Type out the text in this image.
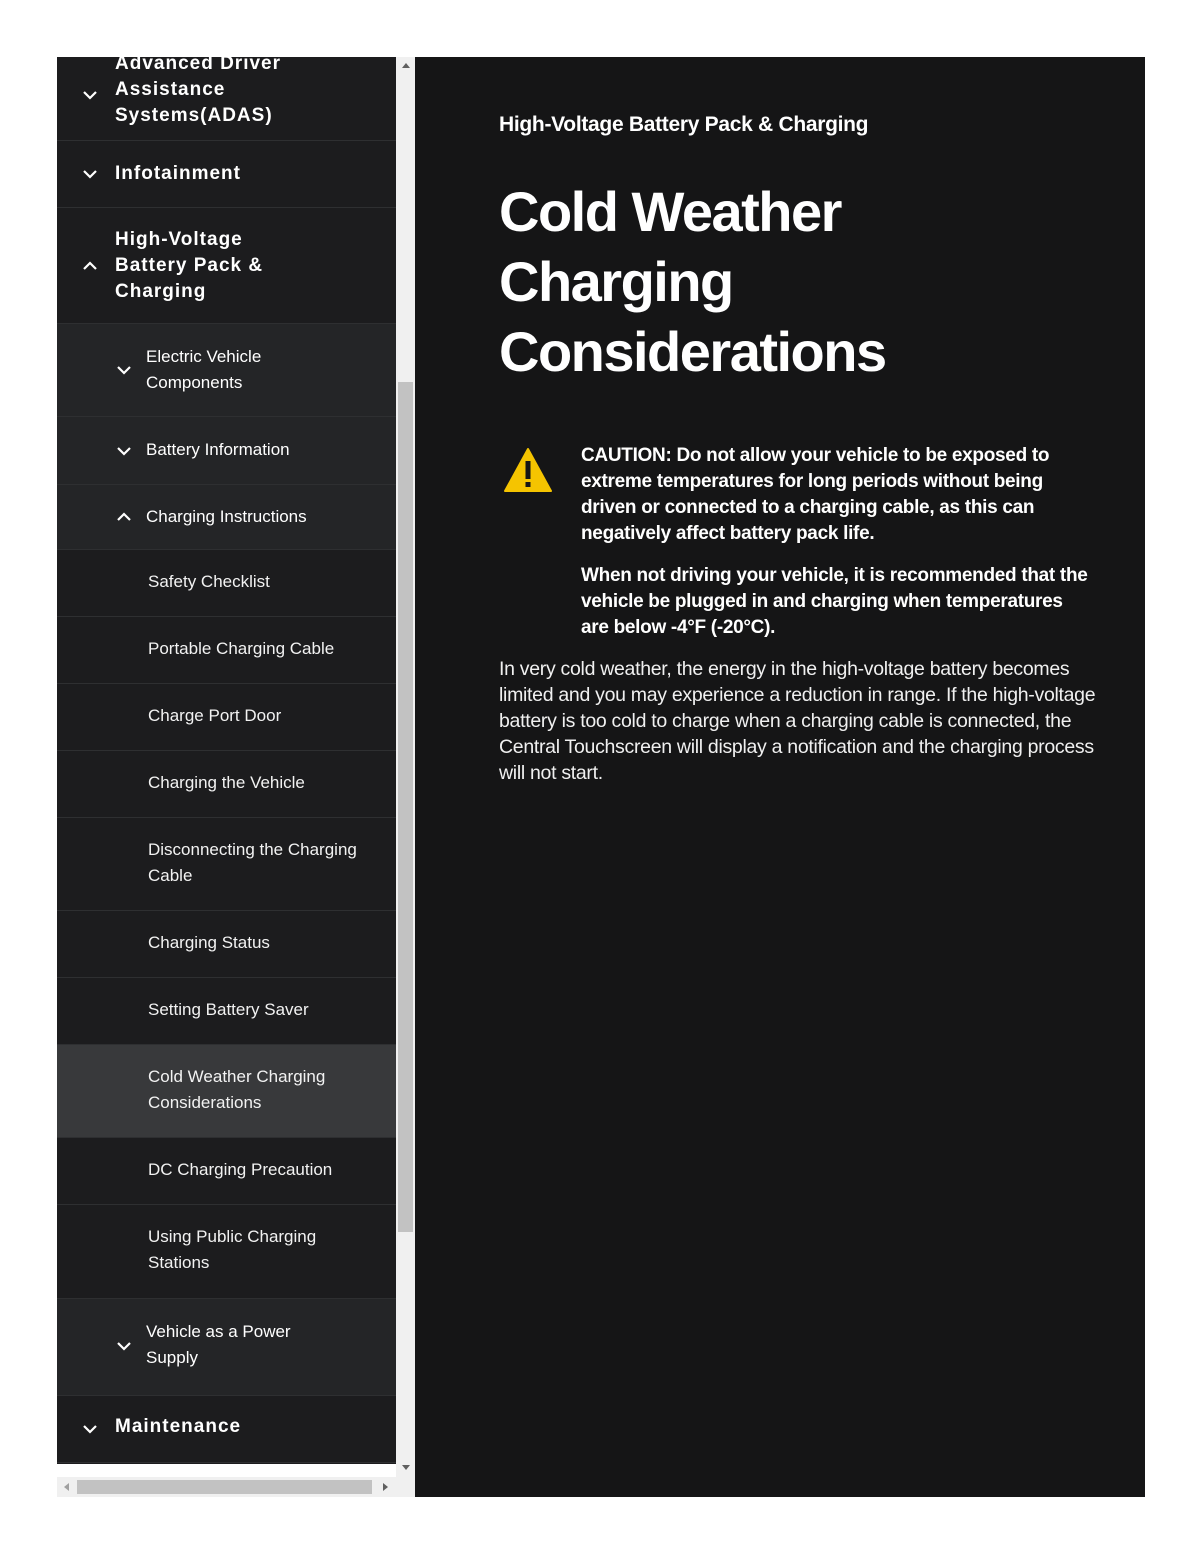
Advanced Driver Assistance Systems(ADAS)
Infotainment
High-Voltage Battery Pack & Charging
Electric Vehicle Components
Battery Information
Charging Instructions
Safety Checklist
Portable Charging Cable
Charge Port Door
Charging the Vehicle
Disconnecting the Charging Cable
Charging Status
Setting Battery Saver
Cold Weather Charging Considerations
DC Charging Precaution
Using Public Charging Stations
Vehicle as a Power Supply
Maintenance
High-Voltage Battery Pack & Charging
Cold Weather Charging Considerations

CAUTION: Do not allow your vehicle to be exposed to extreme temperatures for long periods without being driven or connected to a charging cable, as this can negatively affect battery pack life.

When not driving your vehicle, it is recommended that the vehicle be plugged in and charging when temperatures are below -4°F (-20°C).

In very cold weather, the energy in the high-voltage battery becomes limited and you may experience a reduction in range. If the high-voltage battery is too cold to charge when a charging cable is connected, the Central Touchscreen will display a notification and the charging process will not start.
